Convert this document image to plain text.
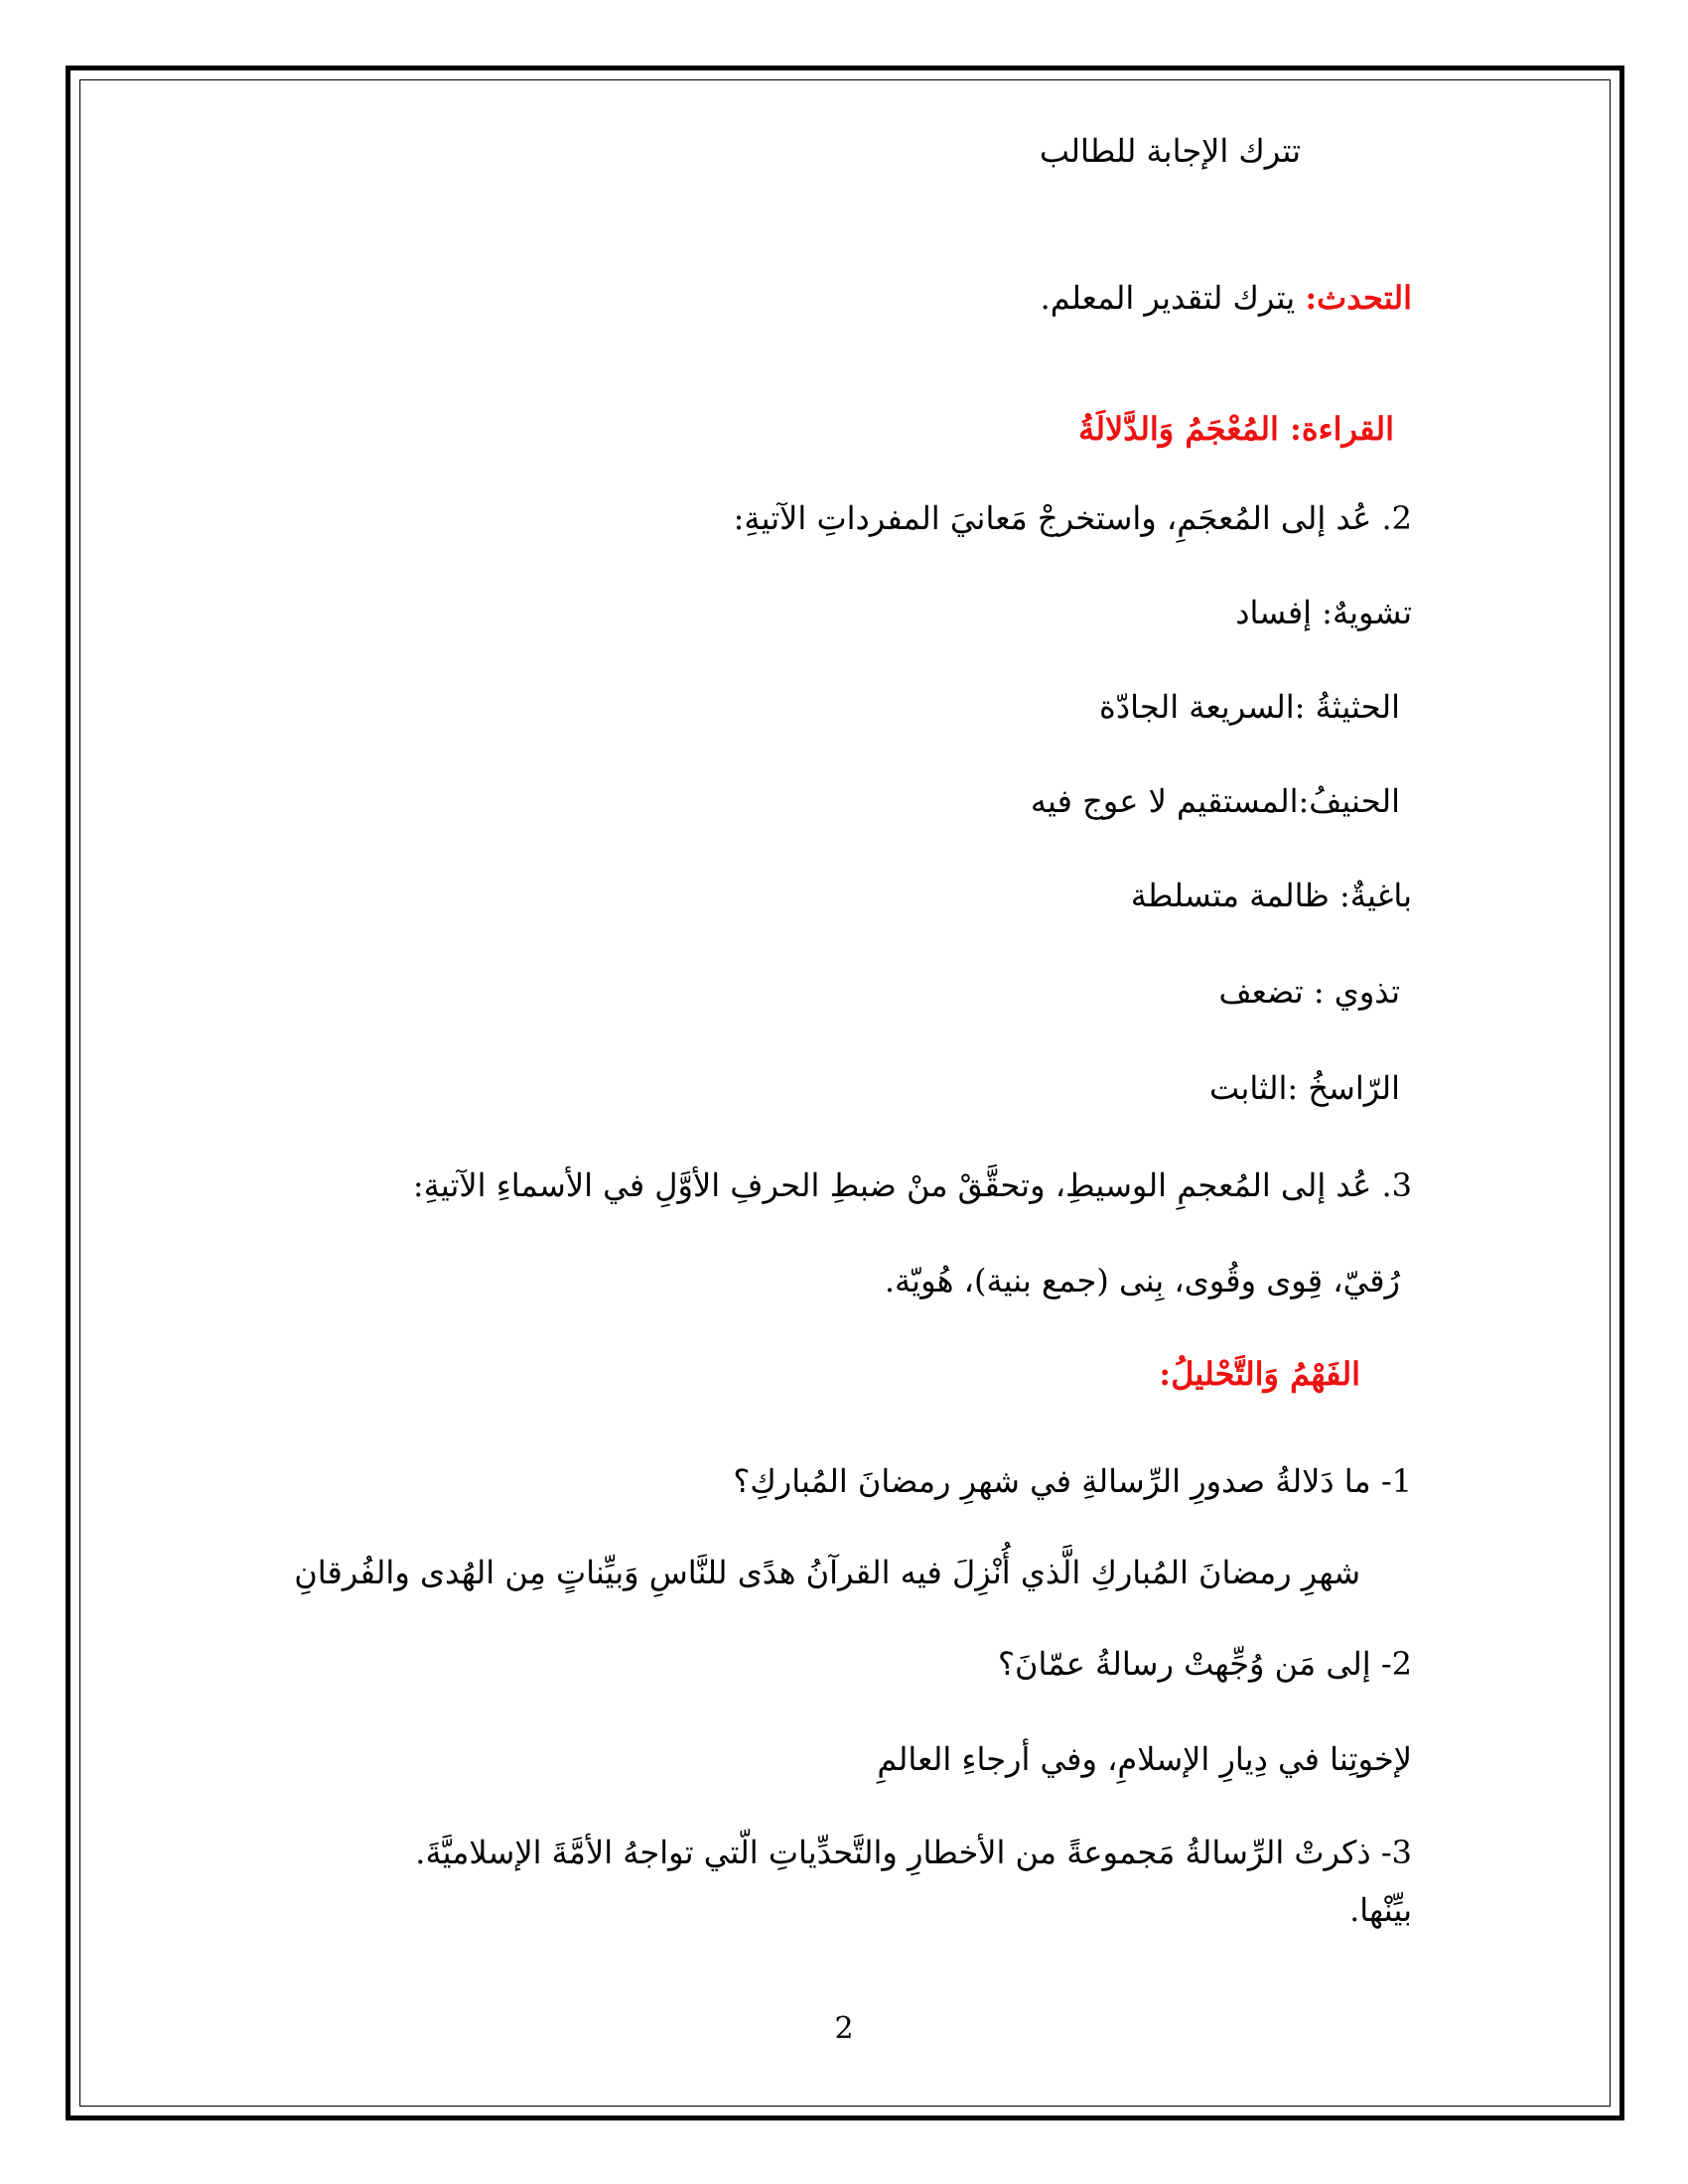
تترك الإجابة للطالب
التحدث: يترك لتقدير المعلم.
القراءة: المُعْجَمُ وَالدَّلالَةُ
2. عُد إلى المُعجَمِ، واستخرجْ مَعانيَ المفرداتِ الآتيةِ:
تشويهٌ: إفساد
الحثيثةُ :السريعة الجادّة
الحنيفُ:المستقيم لا عوج فيه
باغيةٌ: ظالمة متسلطة
تذوي : تضعف
الرّاسخُ :الثابت
3. عُد إلى المُعجمِ الوسيطِ، وتحقَّقْ منْ ضبطِ الحرفِ الأوَّلِ في الأسماءِ الآتيةِ:
رُقيّ، قِوى وقُوى، بِنى (جمع بنية)، هُويّة.
الفَهْمُ وَالتَّحْليلُ:
1- ما دَلالةُ صدورِ الرِّسالةِ في شهرِ رمضانَ المُباركِ؟
شهرِ رمضانَ المُباركِ الَّذي أُنْزِلَ فيه القرآنُ هدًى للنَّاسِ وَبيِّناتٍ مِن الهُدى والفُرقانِ
2- إلى مَن وُجِّهتْ رسالةُ عمّانَ؟
لإخوتِنا في دِيارِ الإسلامِ، وفي أرجاءِ العالمِ
3- ذكرتْ الرِّسالةُ مَجموعةً من الأخطارِ والتَّحدِّياتِ الّتي تواجهُ الأمَّةَ الإسلاميَّةَ.
بيِّنْها.
2
